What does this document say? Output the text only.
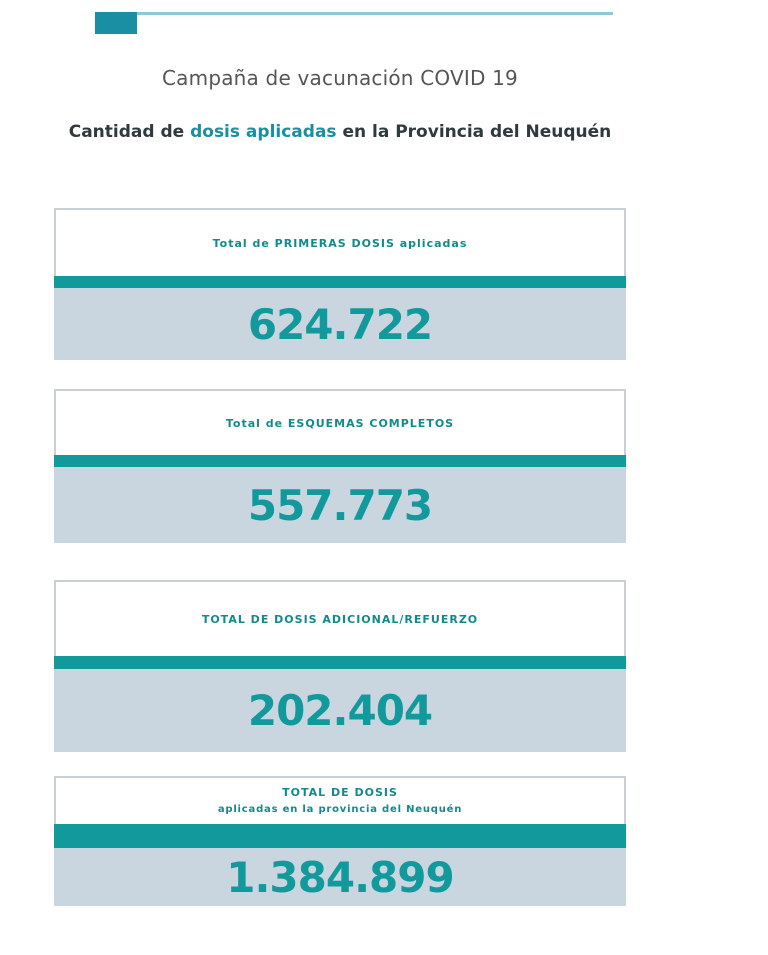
Campaña de vacunación COVID 19
Cantidad de dosis aplicadas en la Provincia del Neuquén
Total de PRIMERAS DOSIS aplicadas
624.722
Total de ESQUEMAS COMPLETOS
557.773
TOTAL DE DOSIS ADICIONAL/REFUERZO
202.404
TOTAL DE DOSIS
aplicadas en la provincia del Neuquén
1.384.899
